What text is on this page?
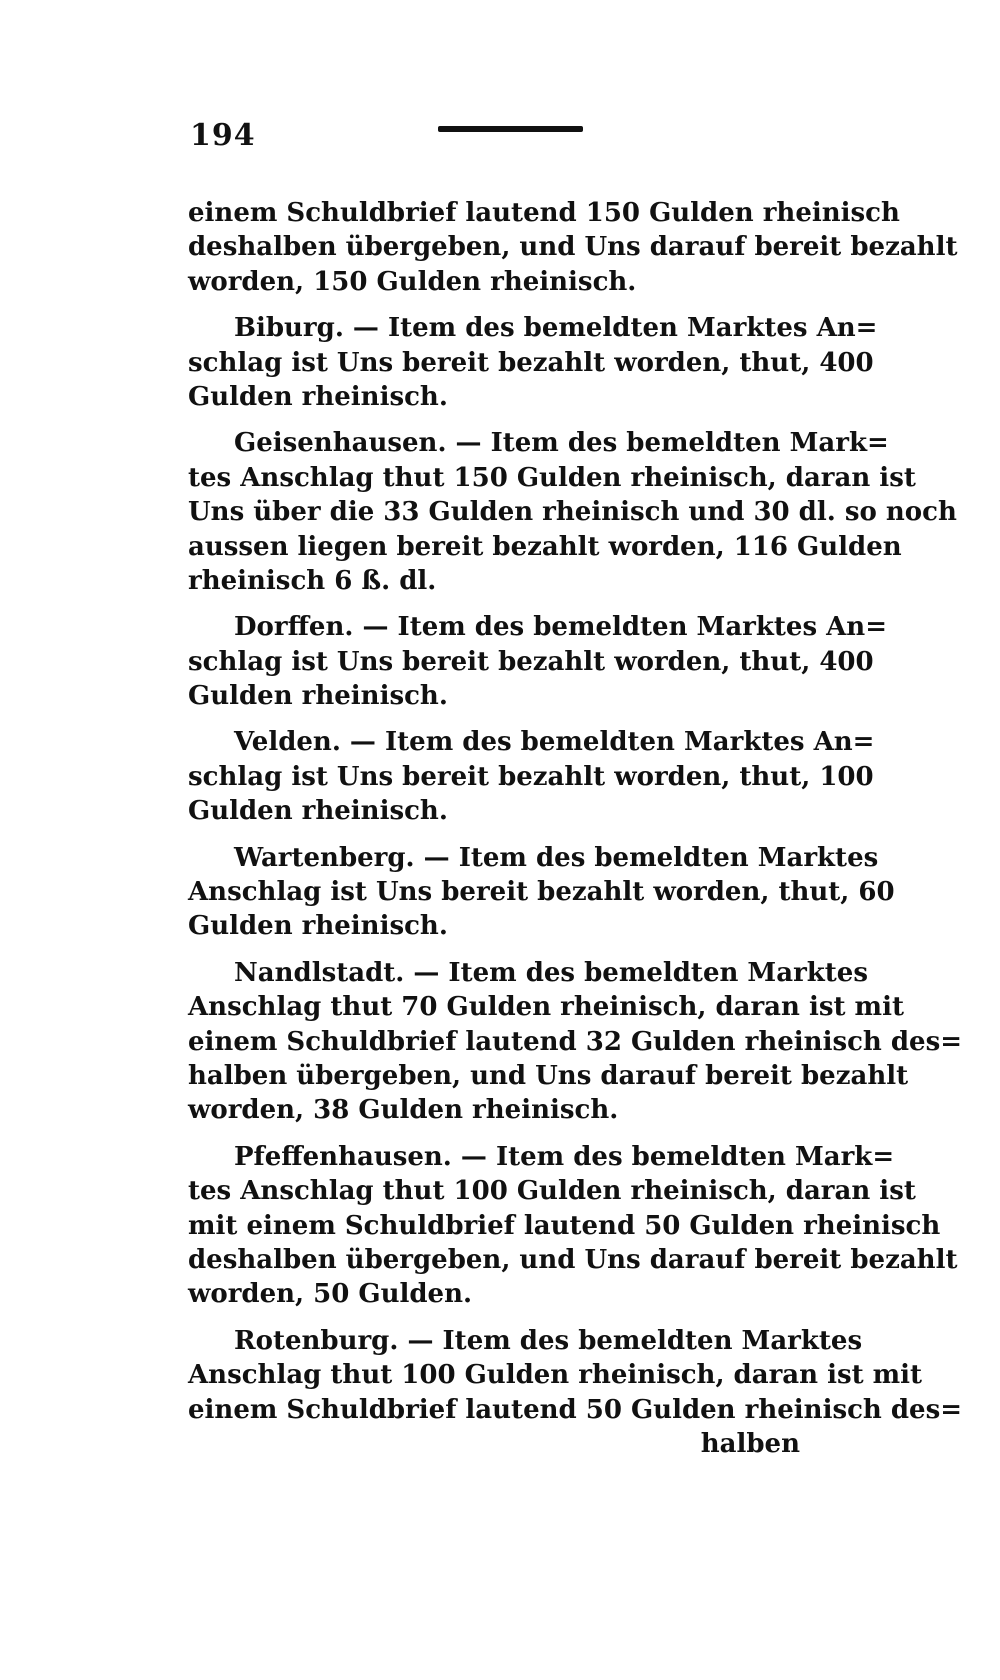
194
einem Schuldbrief lautend 150 Gulden rheinisch
deshalben übergeben, und Uns darauf bereit bezahlt
worden, 150 Gulden rheinisch.
Biburg. — Item des bemeldten Marktes An=
schlag ist Uns bereit bezahlt worden, thut, 400
Gulden rheinisch.
Geisenhausen. — Item des bemeldten Mark=
tes Anschlag thut 150 Gulden rheinisch, daran ist
Uns über die 33 Gulden rheinisch und 30 dl. so noch
aussen liegen bereit bezahlt worden, 116 Gulden
rheinisch 6 ß. dl.
Dorffen. — Item des bemeldten Marktes An=
schlag ist Uns bereit bezahlt worden, thut, 400
Gulden rheinisch.
Velden. — Item des bemeldten Marktes An=
schlag ist Uns bereit bezahlt worden, thut, 100
Gulden rheinisch.
Wartenberg. — Item des bemeldten Marktes
Anschlag ist Uns bereit bezahlt worden, thut, 60
Gulden rheinisch.
Nandlstadt. — Item des bemeldten Marktes
Anschlag thut 70 Gulden rheinisch, daran ist mit
einem Schuldbrief lautend 32 Gulden rheinisch des=
halben übergeben, und Uns darauf bereit bezahlt
worden, 38 Gulden rheinisch.
Pfeffenhausen. — Item des bemeldten Mark=
tes Anschlag thut 100 Gulden rheinisch, daran ist
mit einem Schuldbrief lautend 50 Gulden rheinisch
deshalben übergeben, und Uns darauf bereit bezahlt
worden, 50 Gulden.
Rotenburg. — Item des bemeldten Marktes
Anschlag thut 100 Gulden rheinisch, daran ist mit
einem Schuldbrief lautend 50 Gulden rheinisch des=
halben
